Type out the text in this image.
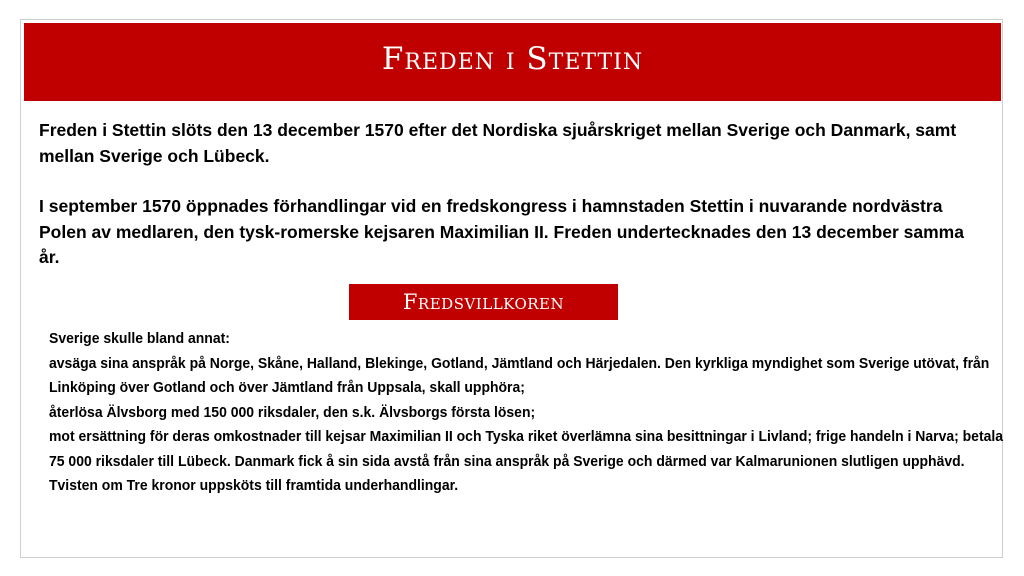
Freden i Stettin

Freden i Stettin slöts den 13 december 1570 efter det Nordiska sjuårskriget mellan Sverige och Danmark, samt mellan Sverige och Lübeck.

I september 1570 öppnades förhandlingar vid en fredskongress i hamnstaden Stettin i nuvarande nordvästra Polen av medlaren, den tysk-romerske kejsaren Maximilian II. Freden undertecknades den 13 december samma år.

Fredsvillkoren
Sverige skulle bland annat:
avsäga sina anspråk på Norge, Skåne, Halland, Blekinge, Gotland, Jämtland och Härjedalen. Den kyrkliga myndighet som Sverige utövat, från Linköping över Gotland och över Jämtland från Uppsala, skall upphöra;
återlösa Älvsborg med 150 000 riksdaler, den s.k. Älvsborgs första lösen;
mot ersättning för deras omkostnader till kejsar Maximilian II och Tyska riket överlämna sina besittningar i Livland; frige handeln i Narva; betala 75 000 riksdaler till Lübeck. Danmark fick å sin sida avstå från sina anspråk på Sverige och därmed var Kalmarunionen slutligen upphävd. Tvisten om Tre kronor uppsköts till framtida underhandlingar.
